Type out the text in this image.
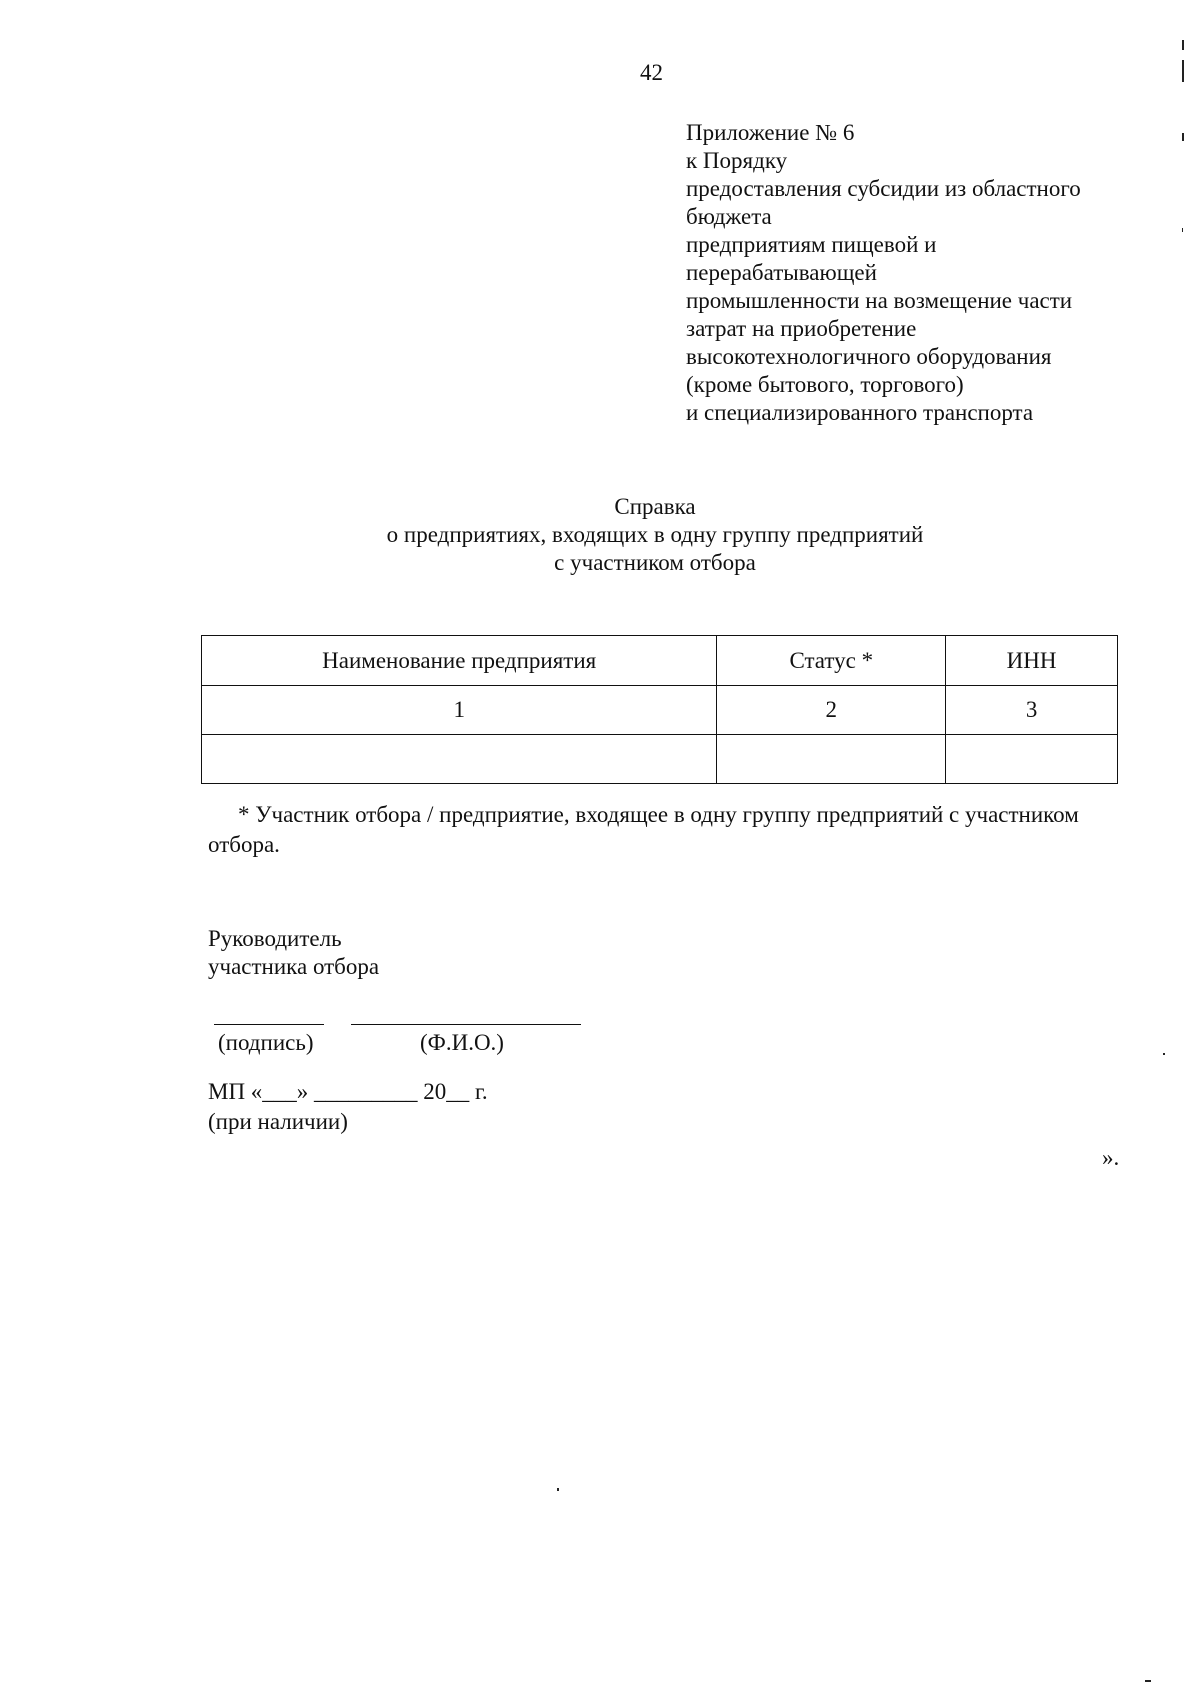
42
Приложение № 6
к Порядку
предоставления субсидии из областного
бюджета
предприятиям пищевой и
перерабатывающей
промышленности на возмещение части
затрат на приобретение
высокотехнологичного оборудования
(кроме бытового, торгового)
и специализированного транспорта
Справка
о предприятиях, входящих в одну группу предприятий
с участником отбора
Наименование предприятия	Статус *	ИНН
1	2	3

* Участник отбора / предприятие, входящее в одну группу предприятий с участником отбора.
Руководитель
участника отбора
(подпись)	(Ф.И.О.)
МП «___» _________ 20__ г.
(при наличии)
».
